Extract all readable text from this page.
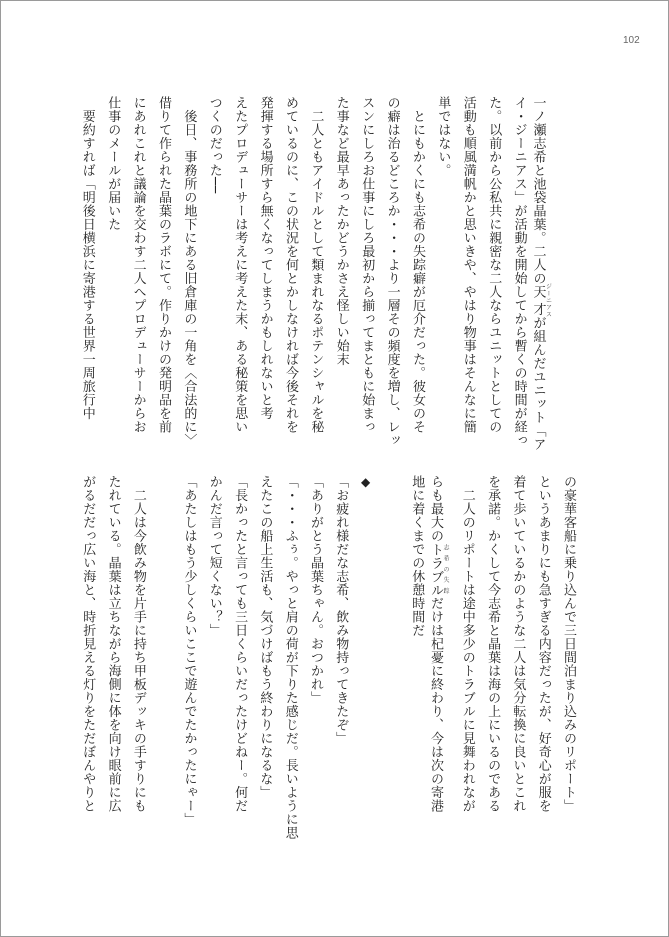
102
一ノ瀬志希と池袋晶葉。二人の天才 ジーニアスが組んだユニット「ア
イ・ジーニアス」が活動を開始してから暫くの時間が経っ
た。以前から公私共に親密な二人ならユニットとしての
活動も順風満帆かと思いきや、やはり物事はそんなに簡
単ではない。
　とにもかくにも志希の失踪癖が厄介だった。彼女のそ
の癖は治るどころか・・・より一層その頻度を増し、レッ
スンにしろお仕事にしろ最初から揃ってまともに始まっ
た事など最早あったかどうかさえ怪しい始末
　二人ともアイドルとして類まれなるポテンシャルを秘
めているのに、この状況を何とかしなければ今後それを
発揮する場所すら無くなってしまうかもしれないと考
えたプロデューサーは考えに考えた末、ある秘策を思い
つくのだった──
　後日、事務所の地下にある旧倉庫の一角を〈合法的に〉
借りて作られた晶葉のラボにて。作りかけの発明品を前
にあれこれと議論を交わす二人へプロデューサーからお
仕事のメールが届いた
　要約すれば「明後日横浜に寄港する世界一周旅行中
の豪華客船に乗り込んで三日間泊まり込みのリポート」
というあまりにも急すぎる内容だったが、好奇心が服を
着て歩いているかのような二人は気分転換に良いとこれ
を承諾。かくして今志希と晶葉は海の上にいるのである
　二人のリポートは途中多少のトラブルに見舞われなが
らも最大のトラブル 志希の失踪だけは杞憂に終わり、今は次の寄港
地に着くまでの休憩時間だ
◆
「お疲れ様だな志希、飲み物持ってきたぞ」
「ありがとう晶葉ちゃん。おつかれ」
「・・・ふぅ。やっと肩の荷が下りた感じだ。長いように思
えたこの船上生活も、気づけばもう終わりになるな」
「長かったと言っても三日くらいだったけどねー。何だ
かんだ言って短くない？」
「あたしはもう少しくらいここで遊んでたかったにゃー」
　二人は今飲み物を片手に持ち甲板デッキの手すりにも
たれている。晶葉は立ちながら海側に体を向け眼前に広
がるだだっ広い海と、時折見える灯りをただぼんやりと
